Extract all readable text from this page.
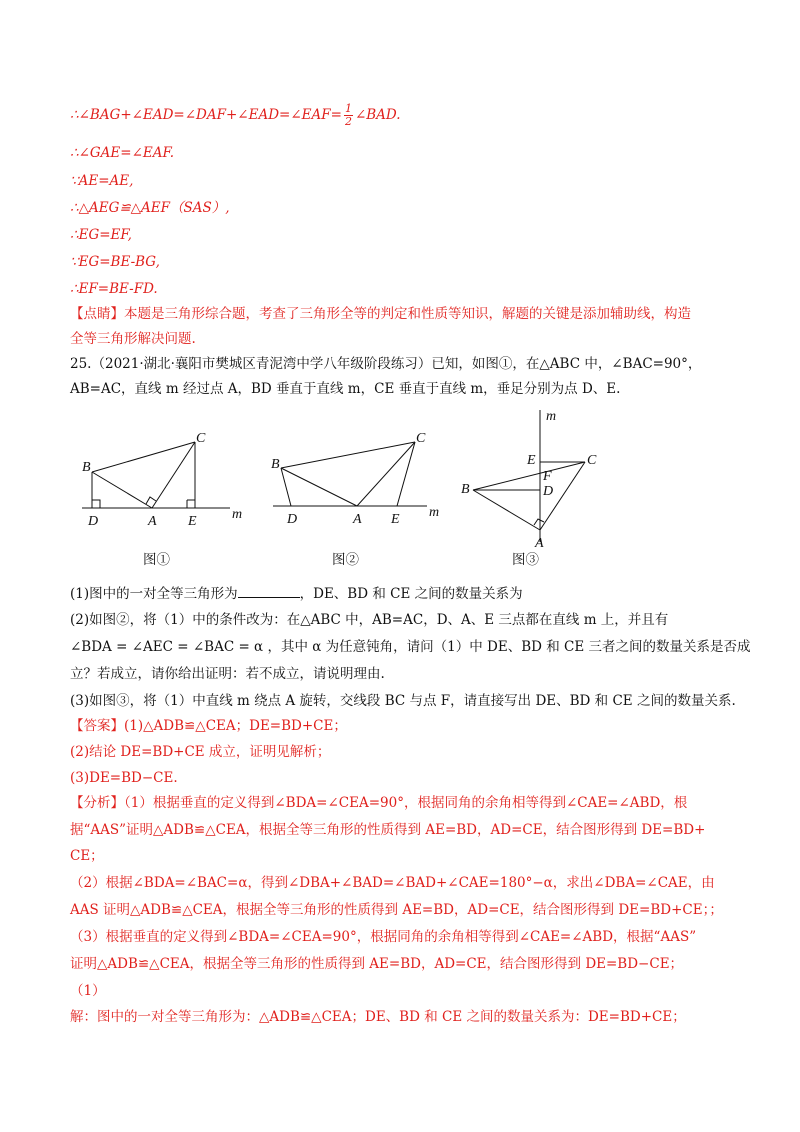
∴∠BAG+∠EAD=∠DAF+∠EAD=∠EAF= $\frac{1}{2}$ ∠BAD.
∴∠GAE=∠EAF.
∵AE=AE,
∴△AEG≌△AEF（SAS）,
∴EG=EF,
∵EG=BE-BG,
∴EF=BE-FD.
【点睛】本题是三角形综合题，考查了三角形全等的判定和性质等知识，解题的关键是添加辅助线，构造
全等三角形解决问题.
25.（2021·湖北·襄阳市樊城区青泥湾中学八年级阶段练习）已知，如图①，在△ABC 中，∠BAC=90°，
AB=AC，直线 m 经过点 A，BD 垂直于直线 m，CE 垂直于直线 m，垂足分别为点 D、E.
B
C
D	A E	m
图①
B
C
D	A E m
图②
m
E	C
F
D
B
A
图③
(1)图中的一对全等三角形为	，DE、BD 和 CE 之间的数量关系为
(2)如图②，将（1）中的条件改为：在△ABC 中，AB=AC，D、A、E 三点都在直线 m 上，并且有
∠BDA = ∠AEC = ∠BAC = α ，其中 α 为任意钝角，请问（1）中 DE、BD 和 CE 三者之间的数量关系是否成
立？若成立，请你给出证明：若不成立，请说明理由.
(3)如图③，将（1）中直线 m 绕点 A 旋转，交线段 BC 与点 F，请直接写出 DE、BD 和 CE 之间的数量关系.
【答案】(1)△ADB≌△CEA；DE=BD+CE；
(2)结论 DE=BD+CE 成立，证明见解析；
(3)DE=BD−CE.
【分析】（1）根据垂直的定义得到∠BDA=∠CEA=90°，根据同角的余角相等得到∠CAE=∠ABD，根
据“AAS”证明△ADB≌△CEA，根据全等三角形的性质得到 AE=BD，AD=CE，结合图形得到 DE=BD+
CE；
（2）根据∠BDA=∠BAC=α，得到∠DBA+∠BAD=∠BAD+∠CAE=180°−α，求出∠DBA=∠CAE，由
AAS 证明△ADB≌△CEA，根据全等三角形的性质得到 AE=BD，AD=CE，结合图形得到 DE=BD+CE；；
（3）根据垂直的定义得到∠BDA=∠CEA=90°，根据同角的余角相等得到∠CAE=∠ABD，根据“AAS”
证明△ADB≌△CEA，根据全等三角形的性质得到 AE=BD，AD=CE，结合图形得到 DE=BD−CE；
（1）
解：图中的一对全等三角形为：△ADB≌△CEA；DE、BD 和 CE 之间的数量关系为：DE=BD+CE；
